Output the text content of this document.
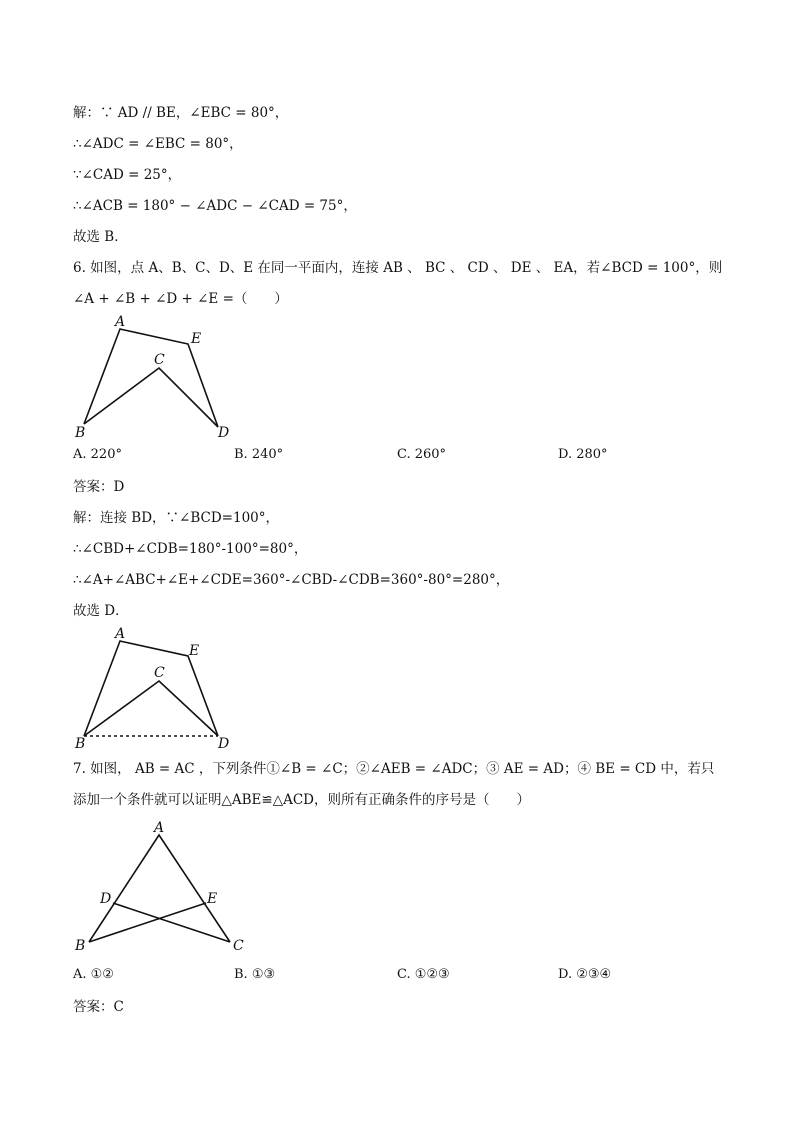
解：∵ AD // BE，∠EBC = 80°，
∴∠ADC = ∠EBC = 80°，
∵∠CAD = 25°，
∴∠ACB = 180° − ∠ADC − ∠CAD = 75°，
故选 B．
6. 如图，点 A、B、C、D、E 在同一平面内，连接 AB 、 BC 、 CD 、 DE 、 EA，若∠BCD = 100°，则
∠A + ∠B + ∠D + ∠E =（　　）
A
E
C
B	D
A. 220°	B. 240°	C. 260°	D. 280°
答案：D
解：连接 BD，∵∠BCD=100°，
∴∠CBD+∠CDB=180°-100°=80°，
∴∠A+∠ABC+∠E+∠CDE=360°-∠CBD-∠CDB=360°-80°=280°，
故选 D．
A
E
C
B	D
7. 如图， AB = AC ，下列条件①∠B = ∠C；②∠AEB = ∠ADC；③ AE = AD；④ BE = CD 中，若只
添加一个条件就可以证明△ABE≌△ACD，则所有正确条件的序号是（　　）
A
D	E
B	C
A. ①②	B. ①③	C. ①②③	D. ②③④
答案：C
